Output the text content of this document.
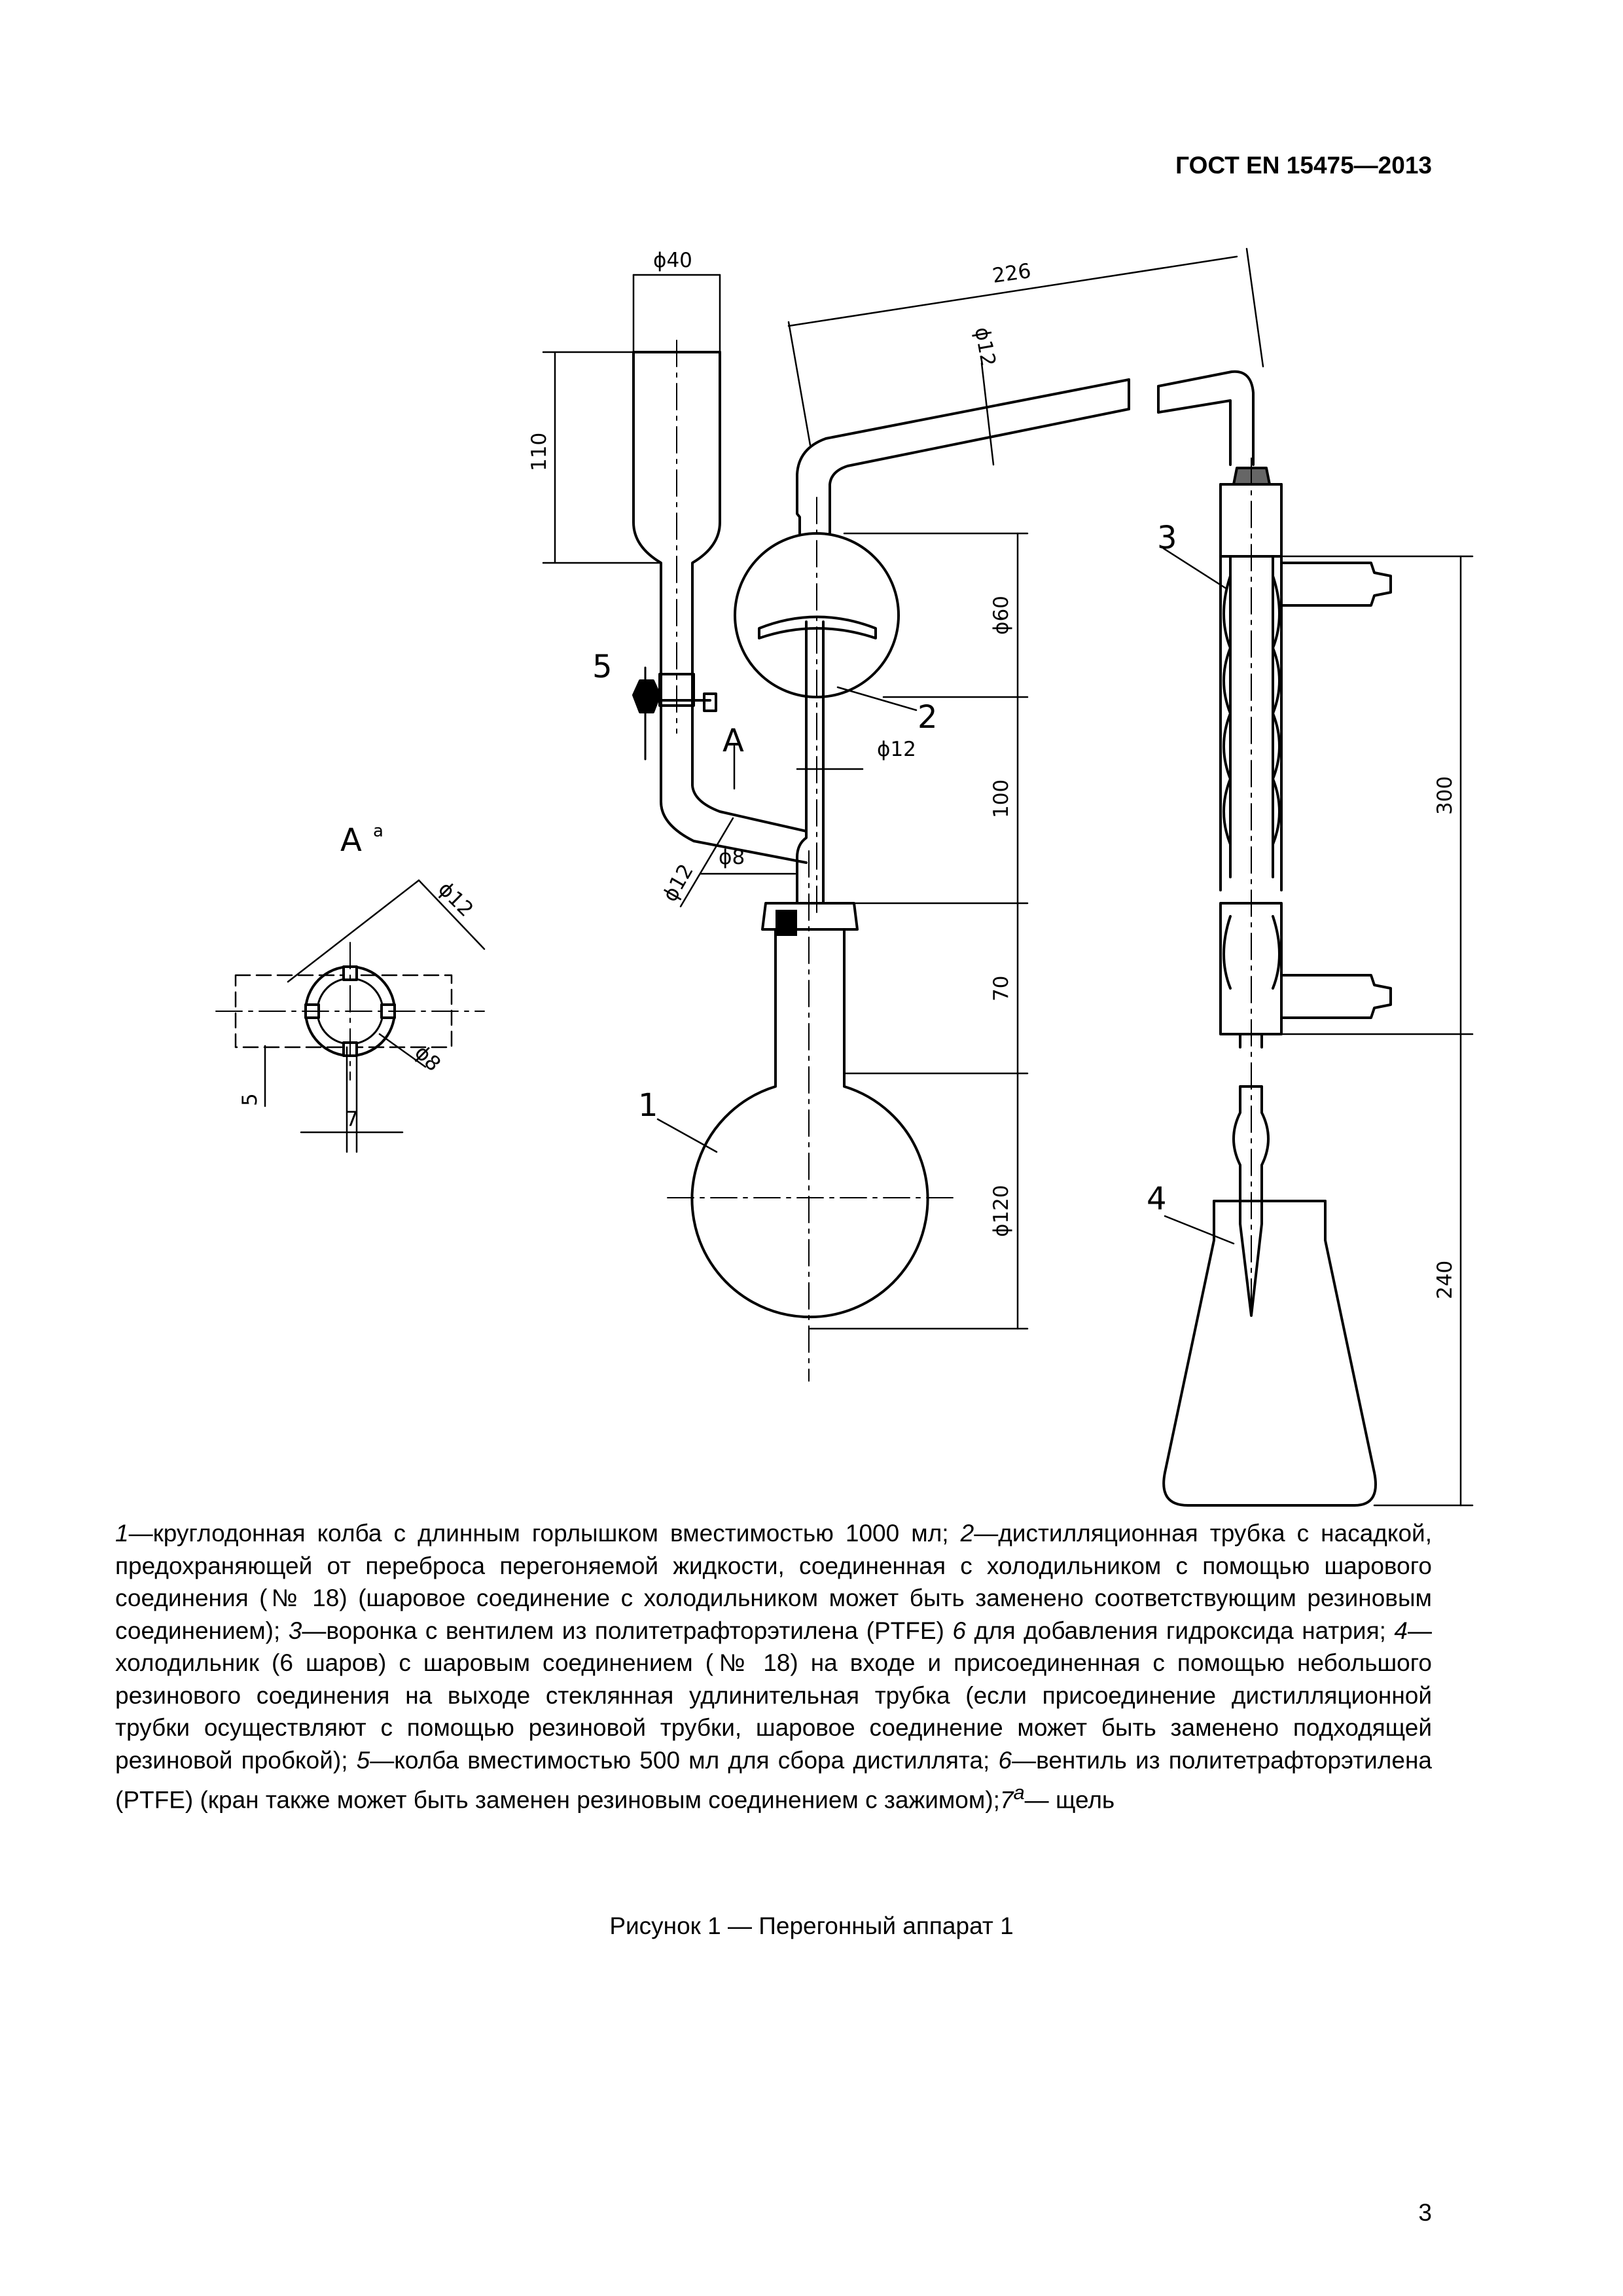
ГОСТ EN 15475—2013
ϕ40
110
226
ϕ12
ϕ60
100
ϕ12
70
ϕ120
300
240
ϕ12
ϕ8
ϕ12
ϕ8
5
7
3
2
5
1
4
A
A a
1—круглодонная колба с длинным горлышком вместимостью 1000 мл; 2—дистилляционная трубка с насадкой, предохраняющей от переброса перегоняемой жидкости, соединенная с холодильником с помощью шарового соединения (№ 18) (шаровое соединение с холодильником может быть заменено соответствующим резиновым соединением); 3—воронка с вентилем из политетрафторэтилена (PTFE) 6 для добавления гидроксида натрия; 4—холодильник (6 шаров) с шаровым соединением (№ 18) на входе и присоединенная с помощью небольшого резинового соединения на выходе стеклянная удлинительная трубка (если присоединение дистилляционной трубки осуществляют с помощью резиновой трубки, шаровое соединение может быть заменено подходящей резиновой пробкой); 5—колба вместимостью 500 мл для сбора дистиллята; 6—вентиль из политетрафторэтилена (PTFE) (кран также может быть заменен резиновым соединением с зажимом);7$^a$— щель
Рисунок 1 — Перегонный аппарат 1
3
